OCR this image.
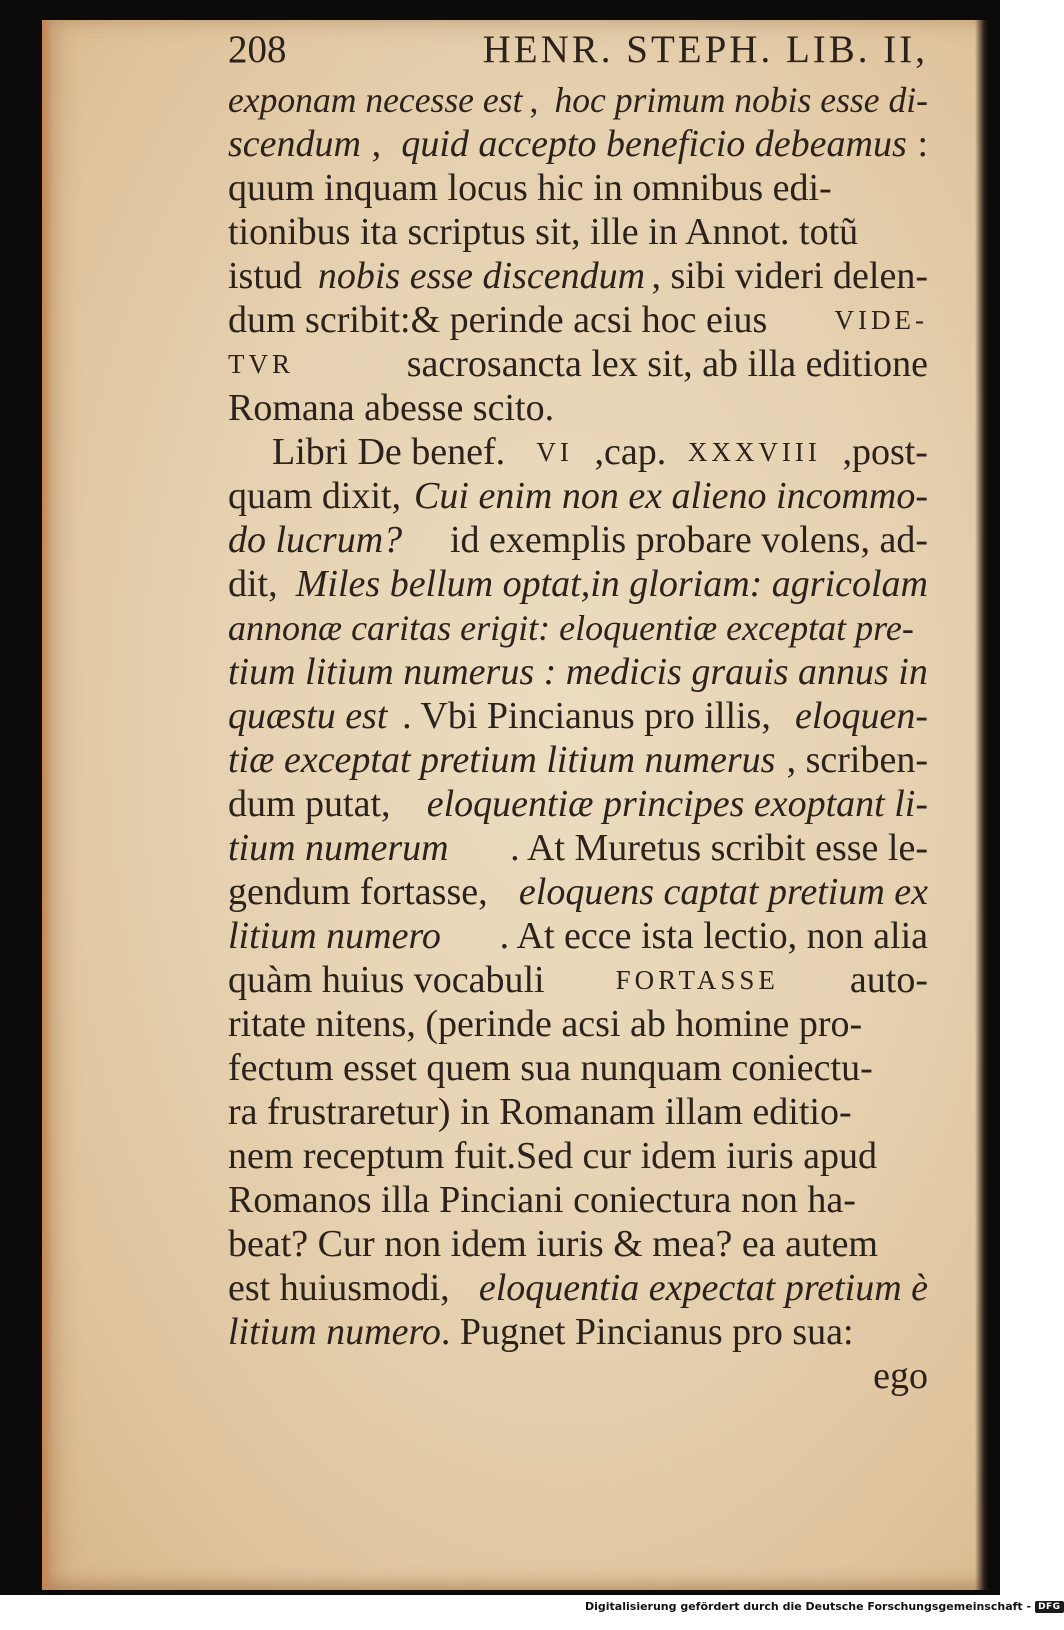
208	HENR. STEPH. LIB. II,
exponam necesse est , hoc primum nobis esse di-
scendum , quid accepto beneficio debeamus :
quum inquam locus hic in omnibus edi-
tionibus ita scriptus sit, ille in Annot. totũ
istud nobis esse discendum , sibi videri delen-
dum scribit:& perinde acsi hoc eius VIDE-
TVR	sacrosancta lex sit, ab illa editione
Romana abesse scito.
Libri De benef. VI ,cap. XXXVIII ,post-
quam dixit, Cui enim non ex alieno incommo-
do lucrum? id exemplis probare volens, ad-
dit, Miles bellum optat,in gloriam: agricolam
annonæ caritas erigit: eloquentiæ exceptat pre-
tium litium numerus : medicis grauis annus in
quæstu est . Vbi Pincianus pro illis, eloquen-
tiæ exceptat pretium litium numerus , scriben-
dum putat, eloquentiæ principes exoptant li-
tium numerum . At Muretus scribit esse le-
gendum fortasse, eloquens captat pretium ex
litium numero . At ecce ista lectio, non alia
quàm huius vocabuli FORTASSE auto-
ritate nitens, (perinde acsi ab homine pro-
fectum esset quem sua nunquam coniectu-
ra frustraretur) in Romanam illam editio-
nem receptum fuit.Sed cur idem iuris apud
Romanos illa Pinciani coniectura non ha-
beat? Cur non idem iuris & mea? ea autem
est huiusmodi, eloquentia expectat pretium è
litium numero . Pugnet Pincianus pro sua:
ego
Digitalisierung gefördert durch die Deutsche Forschungsgemeinschaft - DFG
